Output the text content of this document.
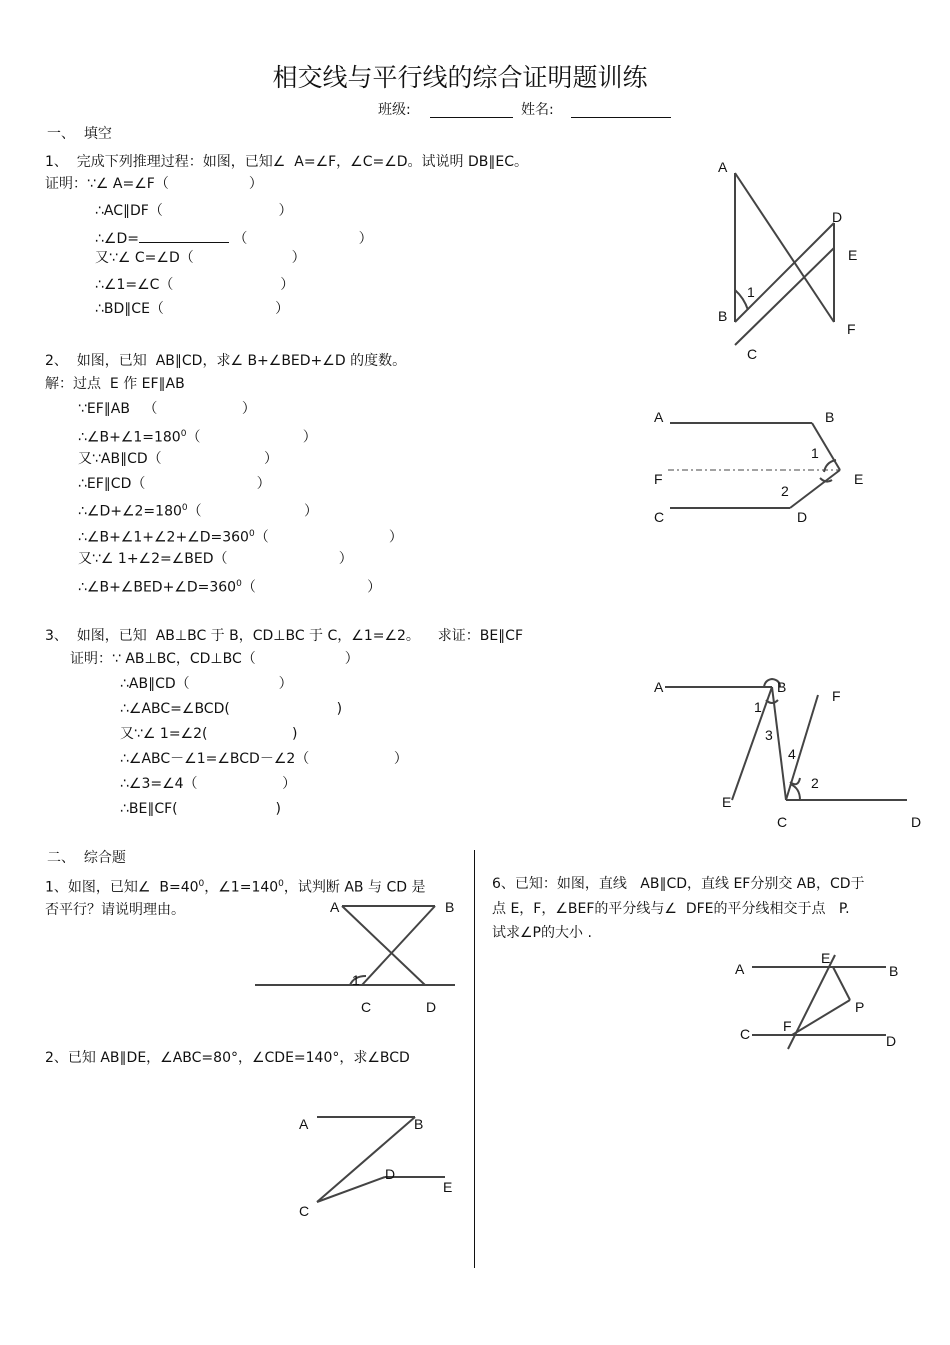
相交线与平行线的综合证明题训练
班级:	姓名:
一、  填空
1、  完成下列推理过程：如图，已知∠  A=∠F，∠C=∠D。试说明 DB∥EC。
证明：∵∠ A=∠F（                  ）
∴AC∥DF（                          ）
∴∠D=	（                         ）
又∵∠ C=∠D（                      ）
∴∠1=∠C（                        ）
∴BD∥CE（                         ）
A
D
E
1
B
F
C
2、  如图，已知  AB∥CD，求∠ B+∠BED+∠D 的度数。
解：过点  E 作 EF∥AB
∵EF∥AB   （                   ）
$\therefore\angle B+\angle 1=180^0$（                       ）
又∵AB∥CD（                       ）
∴EF∥CD（                         ）
$\therefore\angle D+\angle 2=180^0$（                       ）
$\therefore\angle B+\angle 1+\angle 2+\angle D=360^0$（                           ）
又∵∠ 1+∠2=∠BED（                         ）
$\therefore\angle B+\angle BED+\angle D=360^0$（                         ）
A	B
1
F	E
2
C	D
3、  如图，已知  AB⊥BC 于 B，CD⊥BC 于 C，∠1=∠2。    求证：BE∥CF
证明：∵ AB⊥BC，CD⊥BC（                    ）
∴AB∥CD（                    ）
∴∠ABC=∠BCD(                        )
又∵∠ 1=∠2(                   )
∴∠ABC－∠1=∠BCD－∠2（                   ）
∴∠3=∠4（                   ）
∴BE∥CF(                      )
A	B
F
1
3
4
2
E
C	D
二、  综合题
1、如图，已知∠  $B=40^0$，$\angle 1=140^0$，试判断 AB 与 CD 是
否平行？请说明理由。	A	B
1
C	D
2、已知 AB∥DE，∠ABC=80°，∠CDE=140°，求∠BCD
A	B
D
E
C
6、已知：如图，直线   AB∥CD，直线 EF分别交 AB，CD于
点 E，F，∠BEF的平分线与∠  DFE的平分线相交于点   P.
试求∠P的大小 .
A
E
B
P
F
C	D
